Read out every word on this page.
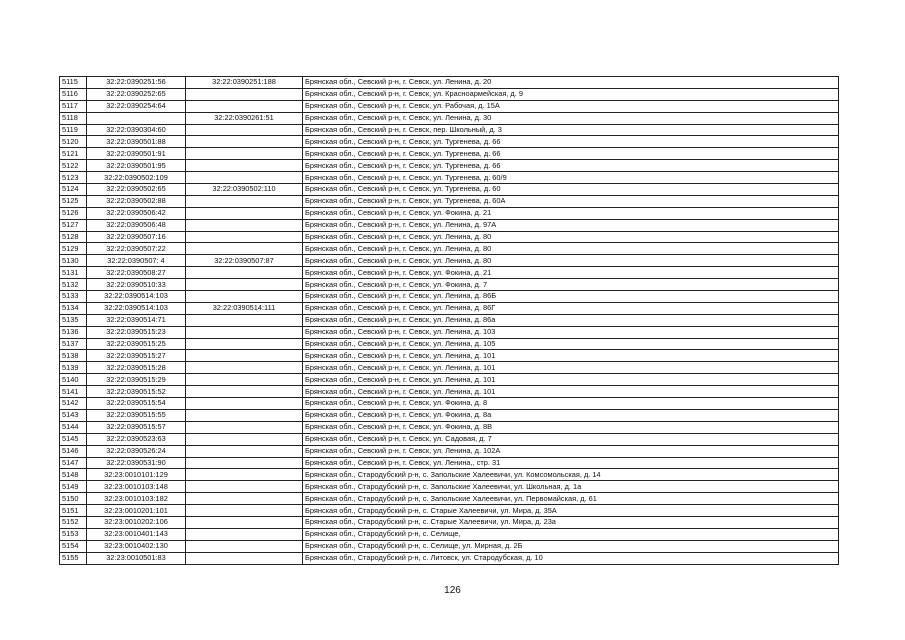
5115	32:22:0390251:56	32:22:0390251:188	Брянская обл., Севский р-н, г. Севск, ул. Ленина, д. 20
5116	32:22:0390252:65		Брянская обл., Севский р-н, г. Севск, ул. Красноармейская, д. 9
5117	32:22:0390254:64		Брянская обл., Севский р-н, г. Севск, ул. Рабочая, д. 15А
5118		32:22:0390261:51	Брянская обл., Севский р-н, г. Севск, ул. Ленина, д. 30
5119	32:22:0390304:60		Брянская обл., Севский р-н, г. Севск, пер. Школьный, д. 3
5120	32:22:0390501:88		Брянская обл., Севский р-н, г. Севск, ул. Тургенева, д. 66
5121	32:22:0390501:91		Брянская обл., Севский р-н, г. Севск, ул. Тургенева, д. 66
5122	32:22:0390501:95		Брянская обл., Севский р-н, г. Севск, ул. Тургенева, д. 66
5123	32:22:0390502:109		Брянская обл., Севский р-н, г. Севск, ул. Тургенева, д. 60/9
5124	32:22:0390502:65	32:22:0390502:110	Брянская обл., Севский р-н, г. Севск, ул. Тургенева, д. 60
5125	32:22:0390502:88		Брянская обл., Севский р-н, г. Севск, ул. Тургенева, д. 60А
5126	32:22:0390506:42		Брянская обл., Севский р-н, г. Севск, ул. Фокина, д. 21
5127	32:22:0390506:48		Брянская обл., Севский р-н, г. Севск, ул. Ленина, д. 97А
5128	32:22:0390507:16		Брянская обл., Севский р-н, г. Севск, ул. Ленина, д. 80
5129	32:22:0390507:22		Брянская обл., Севский р-н, г. Севск, ул. Ленина, д. 80
5130	32:22:0390507: 4	32:22:0390507:87	Брянская обл., Севский р-н, г. Севск, ул. Ленина, д. 80
5131	32:22:0390508:27		Брянская обл., Севский р-н, г. Севск, ул. Фокина, д. 21
5132	32:22:0390510:33		Брянская обл., Севский р-н, г. Севск, ул. Фокина, д. 7
5133	32:22:0390514:103		Брянская обл., Севский р-н, г. Севск, ул. Ленина, д. 86Б
5134	32:22:0390514:103	32:22:0390514:111	Брянская обл., Севский р-н, г. Севск, ул. Ленина, д. 86Г
5135	32:22:0390514:71		Брянская обл., Севский р-н, г. Севск, ул. Ленина, д. 86а
5136	32:22:0390515:23		Брянская обл., Севский р-н, г. Севск, ул. Ленина, д. 103
5137	32:22:0390515:25		Брянская обл., Севский р-н, г. Севск, ул. Ленина, д. 105
5138	32:22:0390515:27		Брянская обл., Севский р-н, г. Севск, ул. Ленина, д. 101
5139	32:22:0390515:28		Брянская обл., Севский р-н, г. Севск, ул. Ленина, д. 101
5140	32:22:0390515:29		Брянская обл., Севский р-н, г. Севск, ул. Ленина, д. 101
5141	32:22:0390515:52		Брянская обл., Севский р-н, г. Севск, ул. Ленина, д. 101
5142	32:22:0390515:54		Брянская обл., Севский р-н, г. Севск, ул. Фокина, д. 8
5143	32:22:0390515:55		Брянская обл., Севский р-н, г. Севск, ул. Фокина, д. 8а
5144	32:22:0390515:57		Брянская обл., Севский р-н, г. Севск, ул. Фокина, д. 8В
5145	32:22:0390523:63		Брянская обл., Севский р-н, г. Севск, ул. Садовая, д. 7
5146	32:22:0390526:24		Брянская обл., Севский р-н, г. Севск, ул. Ленина, д. 102А
5147	32:22:0390531:90		Брянская обл., Севский р-н, г. Севск, ул. Ленина,, стр. 31
5148	32:23:0010101:129		Брянская обл., Стародубский р-н, с. Запольские Халеевичи, ул. Комсомольская, д. 14
5149	32:23:0010103:148		Брянская обл., Стародубский р-н, с. Запольские Халеевичи, ул. Школьная, д. 1а
5150	32:23:0010103:182		Брянская обл., Стародубский р-н, с. Запольские Халеевичи, ул. Первомайская, д. 61
5151	32:23:0010201:101		Брянская обл., Стародубский р-н, с. Старые Халеевичи, ул. Мира, д. 35А
5152	32:23:0010202:106		Брянская обл., Стародубский р-н, с. Старые Халеевичи, ул. Мира, д. 23а
5153	32:23:0010401:143		Брянская обл., Стародубский р-н, с. Селище,
5154	32:23:0010402:130		Брянская обл., Стародубский р-н, с. Селище, ул. Мирная, д. 2Б
5155	32:23:0010501:83		Брянская обл., Стародубский р-н, с. Литовск, ул. Стародубская, д. 10
126
